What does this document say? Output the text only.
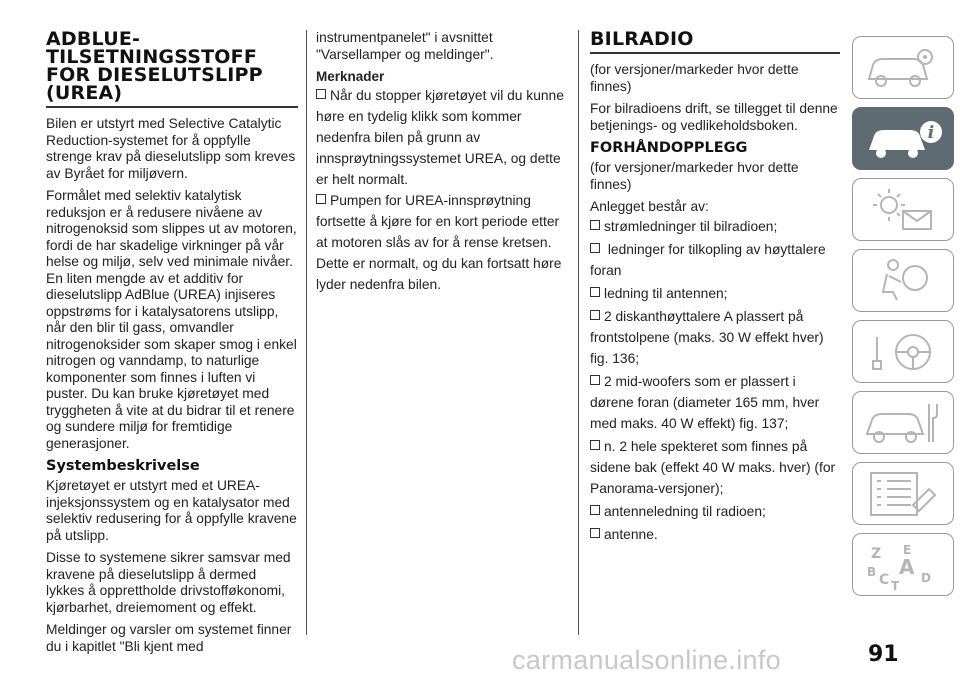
ADBLUE-
TILSETNINGSSTOFF
FOR DIESELUTSLIPP
(UREA)

Bilen er utstyrt med Selective Catalytic Reduction-systemet for å oppfylle strenge krav på dieselutslipp som kreves av Byrået for miljøvern.

Formålet med selektiv katalytisk reduksjon er å redusere nivåene av nitrogenoksid som slippes ut av motoren, fordi de har skadelige virkninger på vår helse og miljø, selv ved minimale nivåer. En liten mengde av et additiv for dieselutslipp AdBlue (UREA) injiseres oppstrøms for i katalysatorens utslipp, når den blir til gass, omvandler nitrogenoksider som skaper smog i enkel nitrogen og vanndamp, to naturlige komponenter som finnes i luften vi puster. Du kan bruke kjøretøyet med tryggheten å vite at du bidrar til et renere og sundere miljø for fremtidige generasjoner.

Systembeskrivelse

Kjøretøyet er utstyrt med et UREA-injeksjonssystem og en katalysator med selektiv redusering for å oppfylle kravene på utslipp.

Disse to systemene sikrer samsvar med kravene på dieselutslipp å dermed lykkes å opprettholde drivstofføkonomi, kjørbarhet, dreiemoment og effekt.

Meldinger og varsler om systemet finner du i kapitlet "Bli kjent med

instrumentpanelet" i avsnittet "Varsellamper og meldinger".

Merknader
Når du stopper kjøretøyet vil du kunne høre en tydelig klikk som kommer nedenfra bilen på grunn av innsprøytningssystemet UREA, og dette er helt normalt.
Pumpen for UREA-innsprøytning fortsette å kjøre for en kort periode etter at motoren slås av for å rense kretsen. Dette er normalt, og du kan fortsatt høre lyder nedenfra bilen.
BILRADIO

(for versjoner/markeder hvor dette finnes)

For bilradioens drift, se tillegget til denne betjenings- og vedlikeholdsboken.

FORHÅNDOPPLEGG

(for versjoner/markeder hvor dette finnes)

Anlegget består av:

strømledninger til bilradioen;
ledninger for tilkopling av høyttalere foran
ledning til antennen;
2 diskanthøyttalere A plassert på frontstolpene (maks. 30 W effekt hver) fig. 136;
2 mid-woofers som er plassert i dørene foran (diameter 165 mm, hver med maks. 40 W effekt) fig. 137;
n. 2 hele spekteret som finnes på sidene bak (effekt 40 W maks. hver) (for Panorama-versjoner);
antenneledning til radioen;
antenne.
i
Z E
B A
C T
D
carmanualsonline.info	91
